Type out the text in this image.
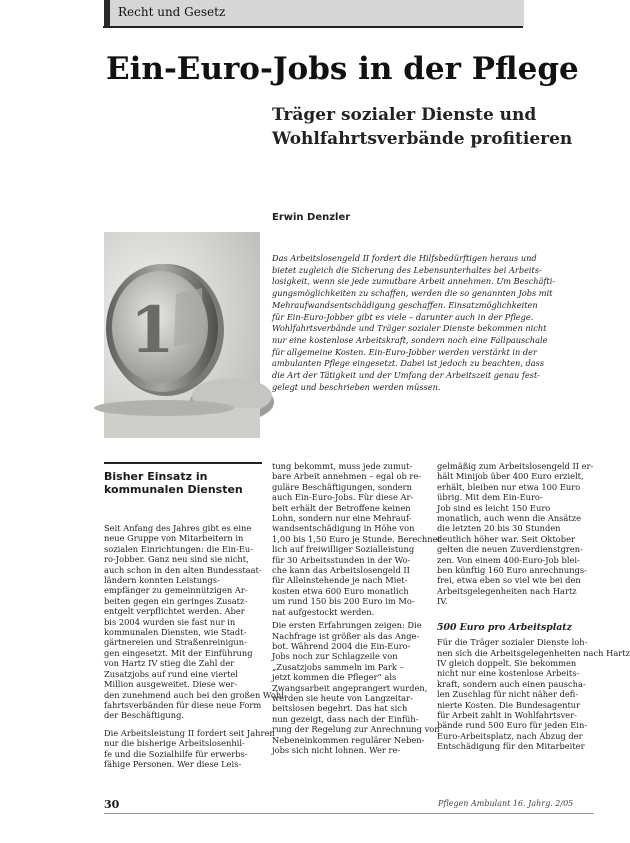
Recht und Gesetz
Ein-Euro-Jobs in der Pflege
Träger sozialer Dienste und
Wohlfahrtsverbände profitieren
Erwin Denzler
1
Das Arbeitslosengeld II fordert die Hilfsbedürftigen heraus und
bietet zugleich die Sicherung des Lebensunterhaltes bei Arbeits-
losigkeit, wenn sie jede zumutbare Arbeit annehmen. Um Beschäfti-
gungsmöglichkeiten zu schaffen, werden die so genannten Jobs mit
Mehraufwandsentschädigung geschaffen. Einsatzmöglichkeiten
für Ein-Euro-Jobber gibt es viele – darunter auch in der Pflege.
Wohlfahrtsverbände und Träger sozialer Dienste bekommen nicht
nur eine kostenlose Arbeitskraft, sondern noch eine Fallpauschale
für allgemeine Kosten. Ein-Euro-Jobber werden verstärkt in der
ambulanten Pflege eingesetzt. Dabei ist jedoch zu beachten, dass
die Art der Tätigkeit und der Umfang der Arbeitszeit genau fest-
gelegt und beschrieben werden müssen.
Bisher Einsatz in
kommunalen Diensten
Seit Anfang des Jahres gibt es eine
neue Gruppe von Mitarbeitern in
sozialen Einrichtungen: die Ein-Eu-
ro-Jobber. Ganz neu sind sie nicht,
auch schon in den alten Bundesstaat-
ländern konnten Leistungs-
empfänger zu gemeinnützigen Ar-
beiten gegen ein geringes Zusatz-
entgelt verpflichtet werden. Aber
bis 2004 wurden sie fast nur in
kommunalen Diensten, wie Stadt-
gärtnereien und Straßenreinigun-
gen eingesetzt. Mit der Einführung
von Hartz IV stieg die Zahl der
Zusatzjobs auf rund eine viertel
Million ausgeweitet. Diese wer-
den zunehmend auch bei den großen Wohl-
fahrtsverbänden für diese neue Form
der Beschäftigung.
Die Arbeitsleistung II fordert seit Jahren
nur die bisherige Arbeitslosenhil-
fe und die Sozialhilfe für erwerbs-
fähige Personen. Wer diese Leis-
tung bekommt, muss jede zumut-
bare Arbeit annehmen – egal ob re-
guläre Beschäftigungen, sondern
auch Ein-Euro-Jobs. Für diese Ar-
beit erhält der Betroffene keinen
Lohn, sondern nur eine Mehrauf-
wandsentschädigung in Höhe von
1,00 bis 1,50 Euro je Stunde. Berechnet
lich auf freiwilliger Sozialleistung
für 30 Arbeitsstunden in der Wo-
che kann das Arbeitslosengeld II
für Alleinstehende je nach Miet-
kosten etwa 600 Euro monatlich
um rund 150 bis 200 Euro im Mo-
nat aufgestockt werden.
Die ersten Erfahrungen zeigen: Die
Nachfrage ist größer als das Ange-
bot. Während 2004 die Ein-Euro-
Jobs noch zur Schlagzeile von
„Zusatzjobs sammeln im Park –
jetzt kommen die Pfleger“ als
Zwangsarbeit angeprangert wurden,
werden sie heute von Langzeitar-
beitslosen begehrt. Das hat sich
nun gezeigt, dass nach der Einfüh-
rung der Regelung zur Anrechnung von
Nebeneinkommen regulärer Neben-
jobs sich nicht lohnen. Wer re-
gelmäßig zum Arbeitslosengeld II er-
hält Minijob über 400 Euro erzielt,
erhält, bleiben nur etwa 100 Euro
übrig. Mit dem Ein-Euro-
Job sind es leicht 150 Euro
monatlich, auch wenn die Ansätze
die letzten 20 bis 30 Stunden
deutlich höher war. Seit Oktober
gelten die neuen Zuverdienstgren-
zen. Von einem 400-Euro-Job blei-
ben künftig 160 Euro anrechnungs-
frei, etwa eben so viel wie bei den
Arbeitsgelegenheiten nach Hartz
IV.
500 Euro pro Arbeitsplatz
Für die Träger sozialer Dienste loh-
nen sich die Arbeitsgelegenheiten nach Hartz
IV gleich doppelt. Sie bekommen
nicht nur eine kostenlose Arbeits-
kraft, sondern auch einen pauscha-
len Zuschlag für nicht näher defi-
nierte Kosten. Die Bundesagentur
für Arbeit zahlt in Wohlfahrtsver-
bände rund 500 Euro für jeden Ein-
Euro-Arbeitsplatz, nach Abzug der
Entschädigung für den Mitarbeiter
30	Pflegen Ambulant 16. Jahrg. 2/05
